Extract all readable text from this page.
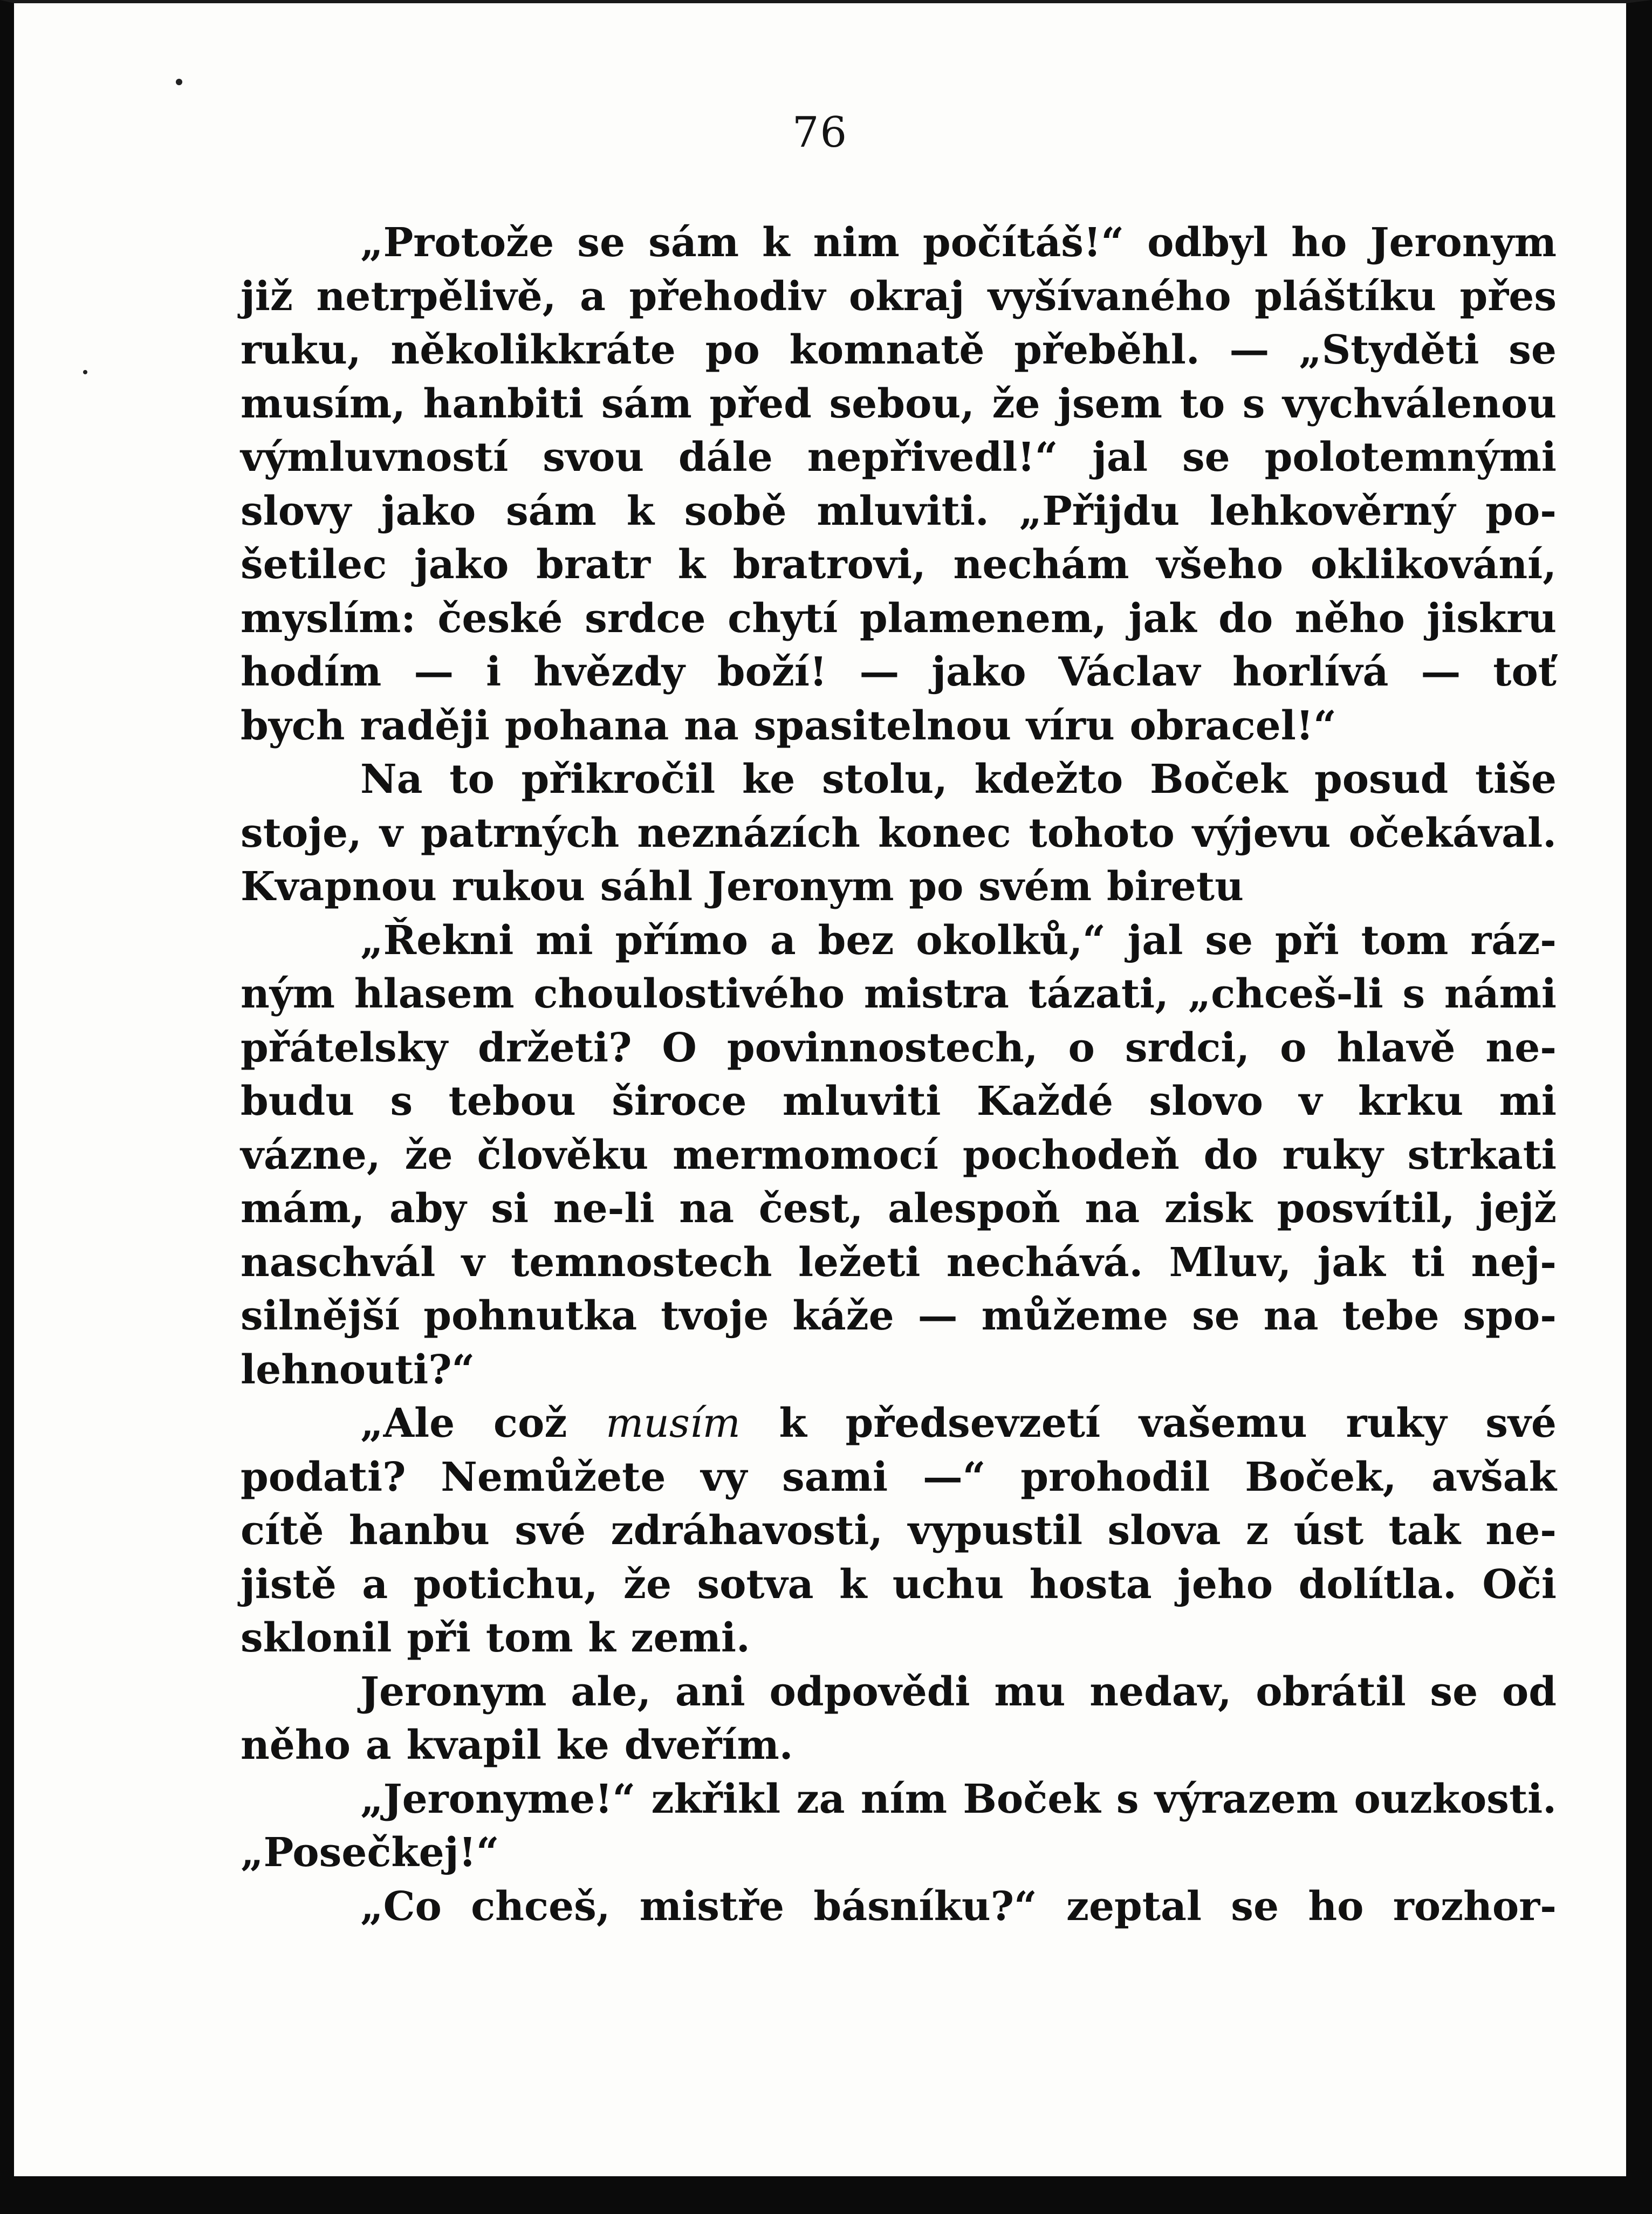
76
„Protože se sám k nim počítáš!“ odbyl ho Jeronym
již netrpělivě, a přehodiv okraj vyšívaného pláštíku přes
ruku, několikkráte po komnatě přeběhl. — „Styděti se
musím, hanbiti sám před sebou, že jsem to s vychválenou
výmluvností svou dále nepřivedl!“ jal se polotemnými
slovy jako sám k sobě mluviti. „Přijdu lehkověrný po-
šetilec jako bratr k bratrovi, nechám všeho oklikování,
myslím: české srdce chytí plamenem, jak do něho jiskru
hodím — i hvězdy boží! — jako Václav horlívá — toť
bych raději pohana na spasitelnou víru obracel!“
Na to přikročil ke stolu, kdežto Boček posud tiše
stoje, v patrných neznázích konec tohoto výjevu očekával.
Kvapnou rukou sáhl Jeronym po svém biretu
„Řekni mi přímo a bez okolků,“ jal se při tom ráz-
ným hlasem choulostivého mistra tázati, „chceš-li s námi
přátelsky držeti? O povinnostech, o srdci, o hlavě ne-
budu s tebou široce mluviti Každé slovo v krku mi
vázne, že člověku mermomocí pochodeň do ruky strkati
mám, aby si ne-li na čest, alespoň na zisk posvítil, jejž
naschvál v temnostech ležeti nechává. Mluv, jak ti nej-
silnější pohnutka tvoje káže — můžeme se na tebe spo-
lehnouti?“
„Ale což musím k předsevzetí vašemu ruky své
podati? Nemůžete vy sami —“ prohodil Boček, avšak
cítě hanbu své zdráhavosti, vypustil slova z úst tak ne-
jistě a potichu, že sotva k uchu hosta jeho dolítla. Oči
sklonil při tom k zemi.
Jeronym ale, ani odpovědi mu nedav, obrátil se od
něho a kvapil ke dveřím.
„Jeronyme!“ zkřikl za ním Boček s výrazem ouzkosti.
„Posečkej!“
„Co chceš, mistře básníku?“ zeptal se ho rozhor-
